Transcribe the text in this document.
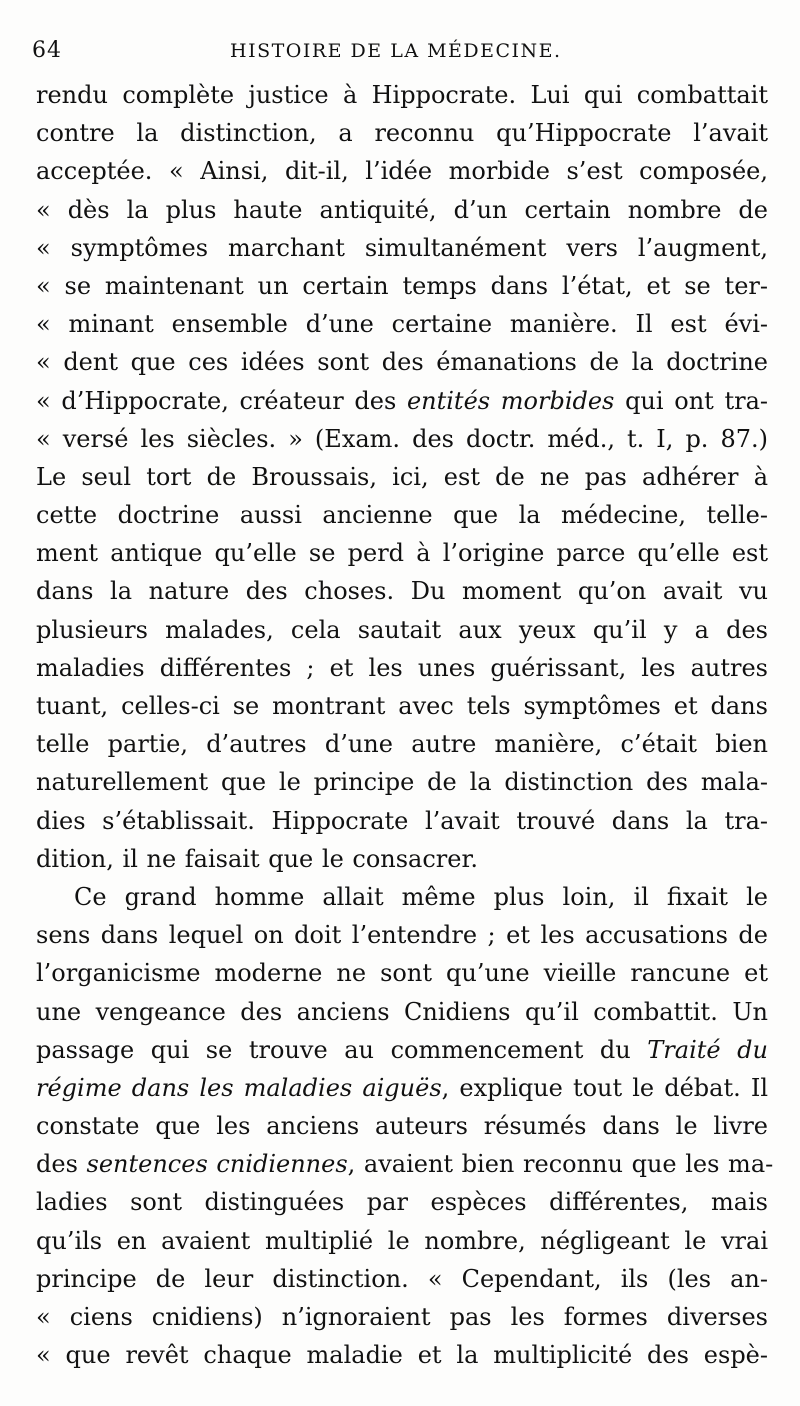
64	HISTOIRE DE LA MÉDECINE.
rendu complète justice à Hippocrate. Lui qui combattait
contre la distinction, a reconnu qu’Hippocrate l’avait
acceptée. « Ainsi, dit-il, l’idée morbide s’est composée,
« dès la plus haute antiquité, d’un certain nombre de
« symptômes marchant simultanément vers l’augment,
« se maintenant un certain temps dans l’état, et se ter-
« minant ensemble d’une certaine manière. Il est évi-
« dent que ces idées sont des émanations de la doctrine
« d’Hippocrate, créateur des entités morbides qui ont tra-
« versé les siècles. » (Exam. des doctr. méd., t. I, p. 87.)
Le seul tort de Broussais, ici, est de ne pas adhérer à
cette doctrine aussi ancienne que la médecine, telle-
ment antique qu’elle se perd à l’origine parce qu’elle est
dans la nature des choses. Du moment qu’on avait vu
plusieurs malades, cela sautait aux yeux qu’il y a des
maladies différentes ; et les unes guérissant, les autres
tuant, celles-ci se montrant avec tels symptômes et dans
telle partie, d’autres d’une autre manière, c’était bien
naturellement que le principe de la distinction des mala-
dies s’établissait. Hippocrate l’avait trouvé dans la tra-
dition, il ne faisait que le consacrer.
Ce grand homme allait même plus loin, il fixait le
sens dans lequel on doit l’entendre ; et les accusations de
l’organicisme moderne ne sont qu’une vieille rancune et
une vengeance des anciens Cnidiens qu’il combattit. Un
passage qui se trouve au commencement du Traité du
régime dans les maladies aiguës, explique tout le débat. Il
constate que les anciens auteurs résumés dans le livre
des sentences cnidiennes, avaient bien reconnu que les ma-
ladies sont distinguées par espèces différentes, mais
qu’ils en avaient multiplié le nombre, négligeant le vrai
principe de leur distinction. « Cependant, ils (les an-
« ciens cnidiens) n’ignoraient pas les formes diverses
« que revêt chaque maladie et la multiplicité des espè-
